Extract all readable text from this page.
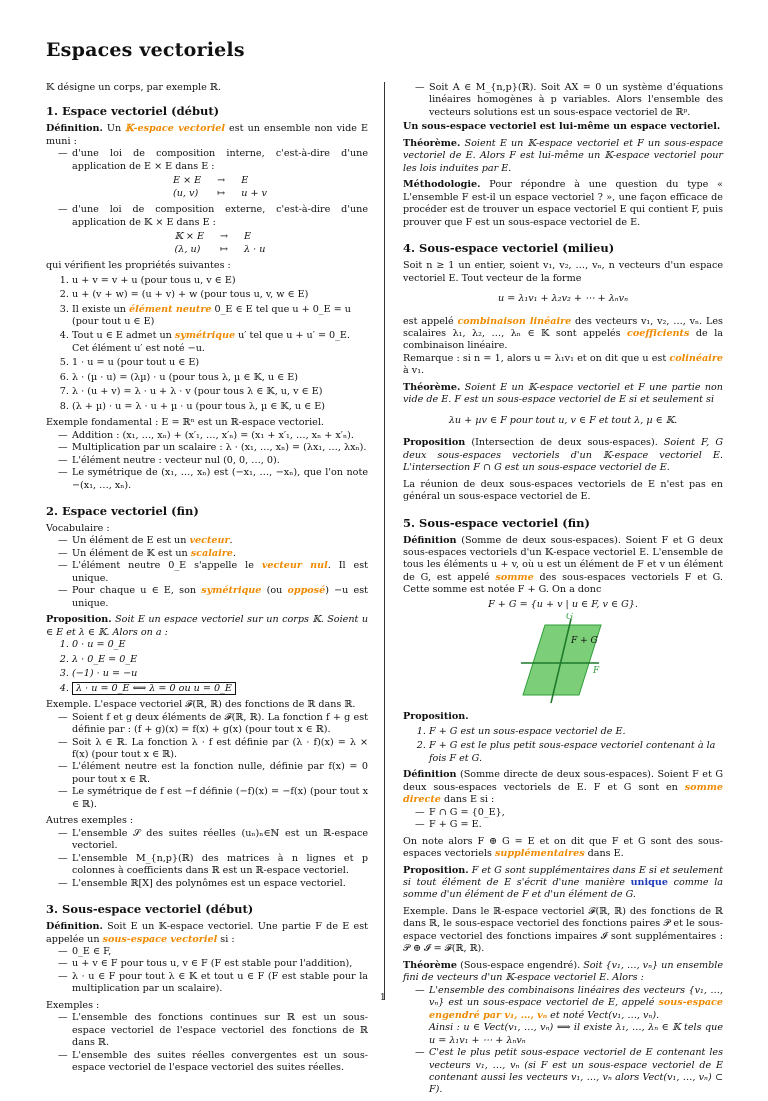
Espaces vectoriels

𝕂 désigne un corps, par exemple ℝ.

1. Espace vectoriel (début)

Définition. Un 𝕂-espace vectoriel est un ensemble non vide E muni :

— d'une loi de composition interne, c'est-à-dire d'une application de E × E dans E :
E × E	→	E
(u, v)	↦	u + v
— d'une loi de composition externe, c'est-à-dire d'une application de 𝕂 × E dans E :
𝕂 × E	→	E
(λ, u)	↦	λ · u

qui vérifient les propriétés suivantes :

1. u + v = v + u (pour tous u, v ∈ E)
2. u + (v + w) = (u + v) + w (pour tous u, v, w ∈ E)
3. Il existe un élément neutre 0_E ∈ E tel que u + 0_E = u (pour tout u ∈ E)
4. Tout u ∈ E admet un symétrique u′ tel que u + u′ = 0_E. Cet élément u′ est noté −u.
5. 1 · u = u (pour tout u ∈ E)
6. λ · (µ · u) = (λµ) · u (pour tous λ, µ ∈ 𝕂, u ∈ E)
7. λ · (u + v) = λ · u + λ · v (pour tous λ ∈ 𝕂, u, v ∈ E)
8. (λ + µ) · u = λ · u + µ · u (pour tous λ, µ ∈ 𝕂, u ∈ E)

Exemple fondamental : E = ℝⁿ est un ℝ-espace vectoriel.

— Addition : (x₁, …, xₙ) + (x′₁, …, x′ₙ) = (x₁ + x′₁, …, xₙ + x′ₙ).
— Multiplication par un scalaire : λ · (x₁, …, xₙ) = (λx₁, …, λxₙ).
— L'élément neutre : vecteur nul (0, 0, …, 0).
— Le symétrique de (x₁, …, xₙ) est (−x₁, …, −xₙ), que l'on note −(x₁, …, xₙ).
2. Espace vectoriel (fin)

Vocabulaire :

— Un élément de E est un vecteur.
— Un élément de 𝕂 est un scalaire.
— L'élément neutre 0_E s'appelle le vecteur nul. Il est unique.
— Pour chaque u ∈ E, son symétrique (ou opposé) −u est unique.

Proposition. Soit E un espace vectoriel sur un corps 𝕂. Soient u ∈ E et λ ∈ 𝕂. Alors on a :

1. 0 · u = 0_E
2. λ · 0_E = 0_E
3. (−1) · u = −u
4. λ · u = 0_E ⟺ λ = 0 ou u = 0_E

Exemple. L'espace vectoriel 𝓕(ℝ, ℝ) des fonctions de ℝ dans ℝ.

— Soient f et g deux éléments de 𝓕(ℝ, ℝ). La fonction f + g est définie par : (f + g)(x) = f(x) + g(x) (pour tout x ∈ ℝ).
— Soit λ ∈ ℝ. La fonction λ · f est définie par (λ · f)(x) = λ × f(x) (pour tout x ∈ ℝ).
— L'élément neutre est la fonction nulle, définie par f(x) = 0 pour tout x ∈ ℝ.
— Le symétrique de f est −f définie (−f)(x) = −f(x) (pour tout x ∈ ℝ).

Autres exemples :

— L'ensemble 𝒮 des suites réelles (uₙ)ₙ∈ℕ est un ℝ-espace vectoriel.
— L'ensemble M_{n,p}(ℝ) des matrices à n lignes et p colonnes à coefficients dans ℝ est un ℝ-espace vectoriel.
— L'ensemble ℝ[X] des polynômes est un espace vectoriel.
3. Sous-espace vectoriel (début)

Définition. Soit E un 𝕂-espace vectoriel. Une partie F de E est appelée un sous-espace vectoriel si :

— 0_E ∈ F,
— u + v ∈ F pour tous u, v ∈ F (F est stable pour l'addition),
— λ · u ∈ F pour tout λ ∈ 𝕂 et tout u ∈ F (F est stable pour la multiplication par un scalaire).

Exemples :

— L'ensemble des fonctions continues sur ℝ est un sous-espace vectoriel de l'espace vectoriel des fonctions de ℝ dans ℝ.
— L'ensemble des suites réelles convergentes est un sous-espace vectoriel de l'espace vectoriel des suites réelles.
— Soit A ∈ M_{n,p}(ℝ). Soit AX = 0 un système d'équations linéaires homogènes à p variables. Alors l'ensemble des vecteurs solutions est un sous-espace vectoriel de ℝᵖ.

Un sous-espace vectoriel est lui-même un espace vectoriel.

Théorème. Soient E un 𝕂-espace vectoriel et F un sous-espace vectoriel de E. Alors F est lui-même un 𝕂-espace vectoriel pour les lois induites par E.

Méthodologie. Pour répondre à une question du type « L'ensemble F est-il un espace vectoriel ? », une façon efficace de procéder est de trouver un espace vectoriel E qui contient F, puis prouver que F est un sous-espace vectoriel de E.

4. Sous-espace vectoriel (milieu)

Soit n ≥ 1 un entier, soient v₁, v₂, …, vₙ, n vecteurs d'un espace vectoriel E. Tout vecteur de la forme

u = λ₁v₁ + λ₂v₂ + ⋯ + λₙvₙ

est appelé combinaison linéaire des vecteurs v₁, v₂, …, vₙ. Les scalaires λ₁, λ₂, …, λₙ ∈ 𝕂 sont appelés coefficients de la combinaison linéaire.

Remarque : si n = 1, alors u = λ₁v₁ et on dit que u est colinéaire à v₁.

Théorème. Soient E un 𝕂-espace vectoriel et F une partie non vide de E. F est un sous-espace vectoriel de E si et seulement si

λu + µv ∈ F pour tout u, v ∈ F et tout λ, µ ∈ 𝕂.

Proposition (Intersection de deux sous-espaces). Soient F, G deux sous-espaces vectoriels d'un 𝕂-espace vectoriel E. L'intersection F ∩ G est un sous-espace vectoriel de E.

La réunion de deux sous-espaces vectoriels de E n'est pas en général un sous-espace vectoriel de E.

5. Sous-espace vectoriel (fin)

Définition (Somme de deux sous-espaces). Soient F et G deux sous-espaces vectoriels d'un 𝕂-espace vectoriel E. L'ensemble de tous les éléments u + v, où u est un élément de F et v un élément de G, est appelé somme des sous-espaces vectoriels F et G. Cette somme est notée F + G. On a donc

F + G = {u + v | u ∈ F, v ∈ G}.

G
F + G
F

Proposition.

1. F + G est un sous-espace vectoriel de E.
2. F + G est le plus petit sous-espace vectoriel contenant à la fois F et G.

Définition (Somme directe de deux sous-espaces). Soient F et G deux sous-espaces vectoriels de E. F et G sont en somme directe dans E si :

— F ∩ G = {0_E},
— F + G = E.

On note alors F ⊕ G = E et on dit que F et G sont des sous-espaces vectoriels supplémentaires dans E.

Proposition. F et G sont supplémentaires dans E si et seulement si tout élément de E s'écrit d'une manière unique comme la somme d'un élément de F et d'un élément de G.

Exemple. Dans le ℝ-espace vectoriel 𝓕(ℝ, ℝ) des fonctions de ℝ dans ℝ, le sous-espace vectoriel des fonctions paires 𝒫 et le sous-espace vectoriel des fonctions impaires 𝓘 sont supplémentaires : 𝒫 ⊕ 𝓘 = 𝓕(ℝ, ℝ).

Théorème (Sous-espace engendré). Soit {v₁, …, vₙ} un ensemble fini de vecteurs d'un 𝕂-espace vectoriel E. Alors :

— L'ensemble des combinaisons linéaires des vecteurs {v₁, …, vₙ} est un sous-espace vectoriel de E, appelé sous-espace engendré par v₁, …, vₙ et noté Vect(v₁, …, vₙ).
Ainsi : u ∈ Vect(v₁, …, vₙ) ⟺ il existe λ₁, …, λₙ ∈ 𝕂 tels que u = λ₁v₁ + ⋯ + λₙvₙ
— C'est le plus petit sous-espace vectoriel de E contenant les vecteurs v₁, …, vₙ (si F est un sous-espace vectoriel de E contenant aussi les vecteurs v₁, …, vₙ alors Vect(v₁, …, vₙ) ⊂ F).
1
